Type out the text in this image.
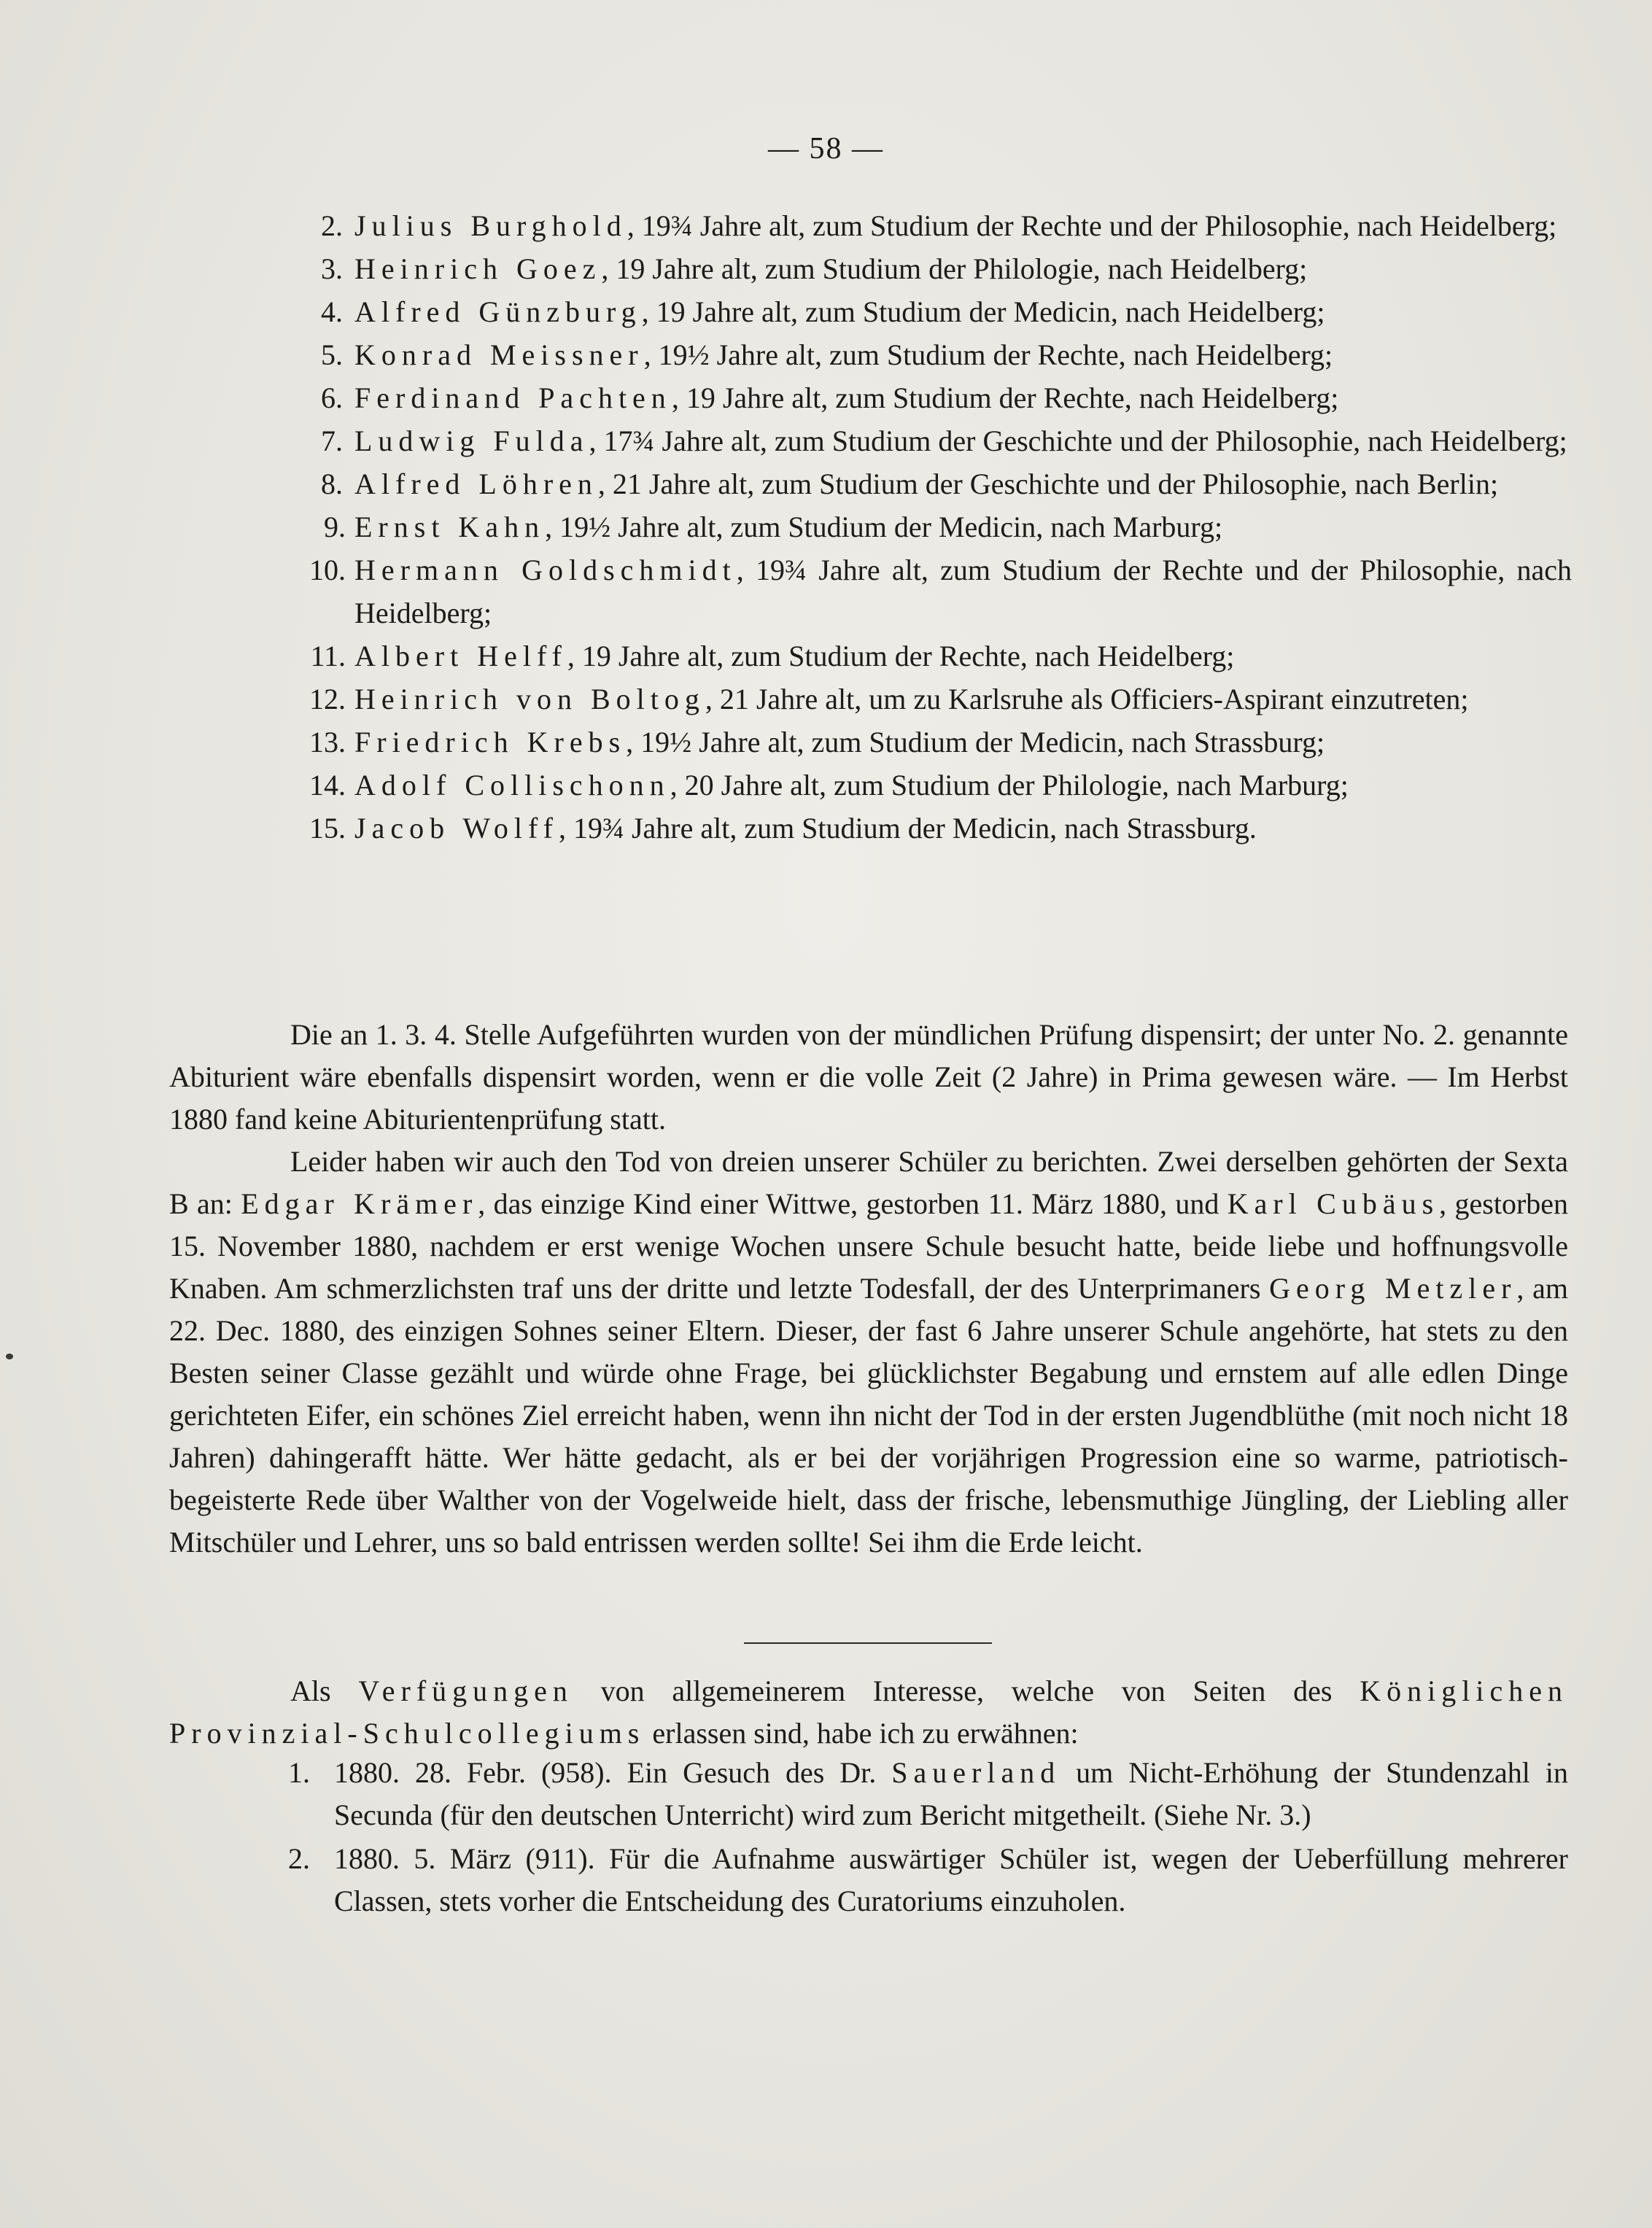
— 58 —
2. Julius Burghold, 19¾ Jahre alt, zum Studium der Rechte und der Philosophie, nach Heidelberg;
3. Heinrich Goez, 19 Jahre alt, zum Studium der Philologie, nach Heidelberg;
4. Alfred Günzburg, 19 Jahre alt, zum Studium der Medicin, nach Heidelberg;
5. Konrad Meissner, 19½ Jahre alt, zum Studium der Rechte, nach Heidelberg;
6. Ferdinand Pachten, 19 Jahre alt, zum Studium der Rechte, nach Heidelberg;
7. Ludwig Fulda, 17¾ Jahre alt, zum Studium der Geschichte und der Philosophie, nach Heidelberg;
8. Alfred Löhren, 21 Jahre alt, zum Studium der Geschichte und der Philosophie, nach Berlin;
9. Ernst Kahn, 19½ Jahre alt, zum Studium der Medicin, nach Marburg;
10. Hermann Goldschmidt, 19¾ Jahre alt, zum Studium der Rechte und der Philosophie, nach Heidelberg;
11. Albert Helff, 19 Jahre alt, zum Studium der Rechte, nach Heidelberg;
12. Heinrich von Boltog, 21 Jahre alt, um zu Karlsruhe als Officiers-Aspirant einzutreten;
13. Friedrich Krebs, 19½ Jahre alt, zum Studium der Medicin, nach Strassburg;
14. Adolf Collischonn, 20 Jahre alt, zum Studium der Philologie, nach Marburg;
15. Jacob Wolff, 19¾ Jahre alt, zum Studium der Medicin, nach Strassburg.

Die an 1. 3. 4. Stelle Aufgeführten wurden von der mündlichen Prüfung dispensirt; der unter No. 2. genannte Abiturient wäre ebenfalls dispensirt worden, wenn er die volle Zeit (2 Jahre) in Prima gewesen wäre. — Im Herbst 1880 fand keine Abiturientenprüfung statt.

Leider haben wir auch den Tod von dreien unserer Schüler zu berichten. Zwei derselben gehörten der Sexta B an: Edgar Krämer, das einzige Kind einer Wittwe, gestorben 11. März 1880, und Karl Cubäus, gestorben 15. November 1880, nachdem er erst wenige Wochen unsere Schule besucht hatte, beide liebe und hoffnungsvolle Knaben. Am schmerzlichsten traf uns der dritte und letzte Todesfall, der des Unterprimaners Georg Metzler, am 22. Dec. 1880, des einzigen Sohnes seiner Eltern. Dieser, der fast 6 Jahre unserer Schule angehörte, hat stets zu den Besten seiner Classe gezählt und würde ohne Frage, bei glücklichster Begabung und ernstem auf alle edlen Dinge gerichteten Eifer, ein schönes Ziel erreicht haben, wenn ihn nicht der Tod in der ersten Jugendblüthe (mit noch nicht 18 Jahren) dahingerafft hätte. Wer hätte gedacht, als er bei der vorjährigen Progression eine so warme, patriotisch-begeisterte Rede über Walther von der Vogelweide hielt, dass der frische, lebensmuthige Jüngling, der Liebling aller Mitschüler und Lehrer, uns so bald entrissen werden sollte! Sei ihm die Erde leicht.

Als Verfügungen von allgemeinerem Interesse, welche von Seiten des Königlichen Provinzial-Schulcollegiums erlassen sind, habe ich zu erwähnen:

1. 1880. 28. Febr. (958). Ein Gesuch des Dr. Sauerland um Nicht-Erhöhung der Stundenzahl in Secunda (für den deutschen Unterricht) wird zum Bericht mitgetheilt. (Siehe Nr. 3.)
2. 1880. 5. März (911). Für die Aufnahme auswärtiger Schüler ist, wegen der Ueberfüllung mehrerer Classen, stets vorher die Entscheidung des Curatoriums einzuholen.
